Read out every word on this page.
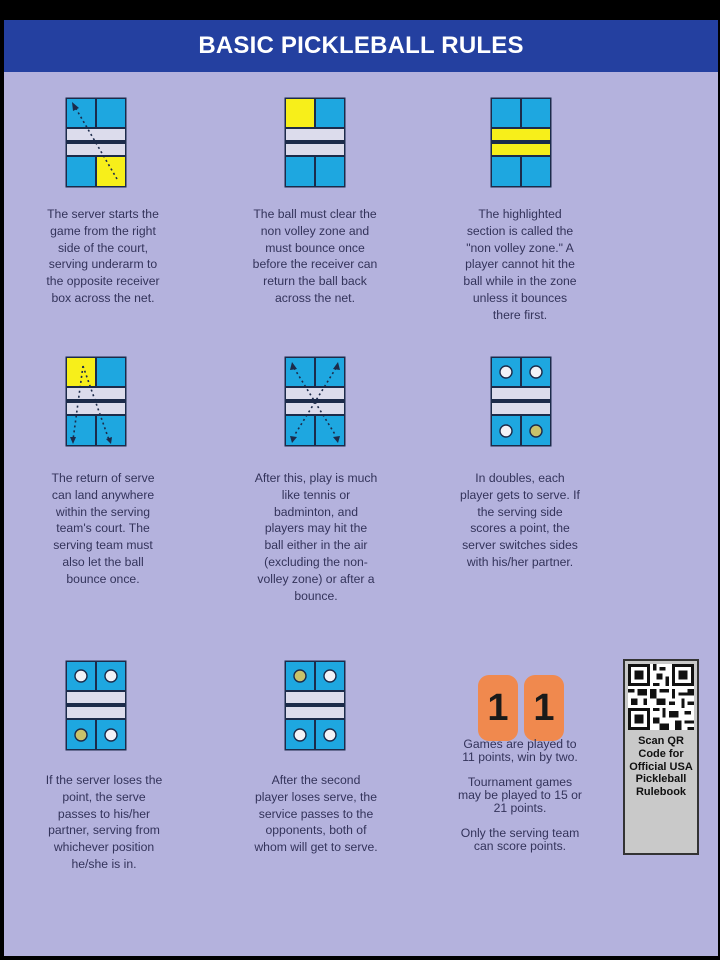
BASIC PICKLEBALL RULES
The server starts the game from the right side of the court, serving underarm to the opposite receiver box across the net.
The ball must clear the non volley zone and must bounce once before the receiver can return the ball back across the net.
The highlighted section is called the "non volley zone." A player cannot hit the ball while in the zone unless it bounces there first.
The return of serve can land anywhere within the serving team's court. The serving team must also let the ball bounce once.
After this, play is much like tennis or badminton, and players may hit the ball either in the air (excluding the non-volley zone) or after a bounce.
In doubles, each player gets to serve. If the serving side scores a point, the server switches sides with his/her partner.
If the server loses the point, the serve passes to his/her partner, serving from whichever position he/she is in.
After the second player loses serve, the service passes to the opponents, both of whom will get to serve.
1 1
Games are played to 11 points, win by two.
Tournament games may be played to 15 or 21 points.
Only the serving team can score points.
Scan QR Code for Official USA Pickleball Rulebook
